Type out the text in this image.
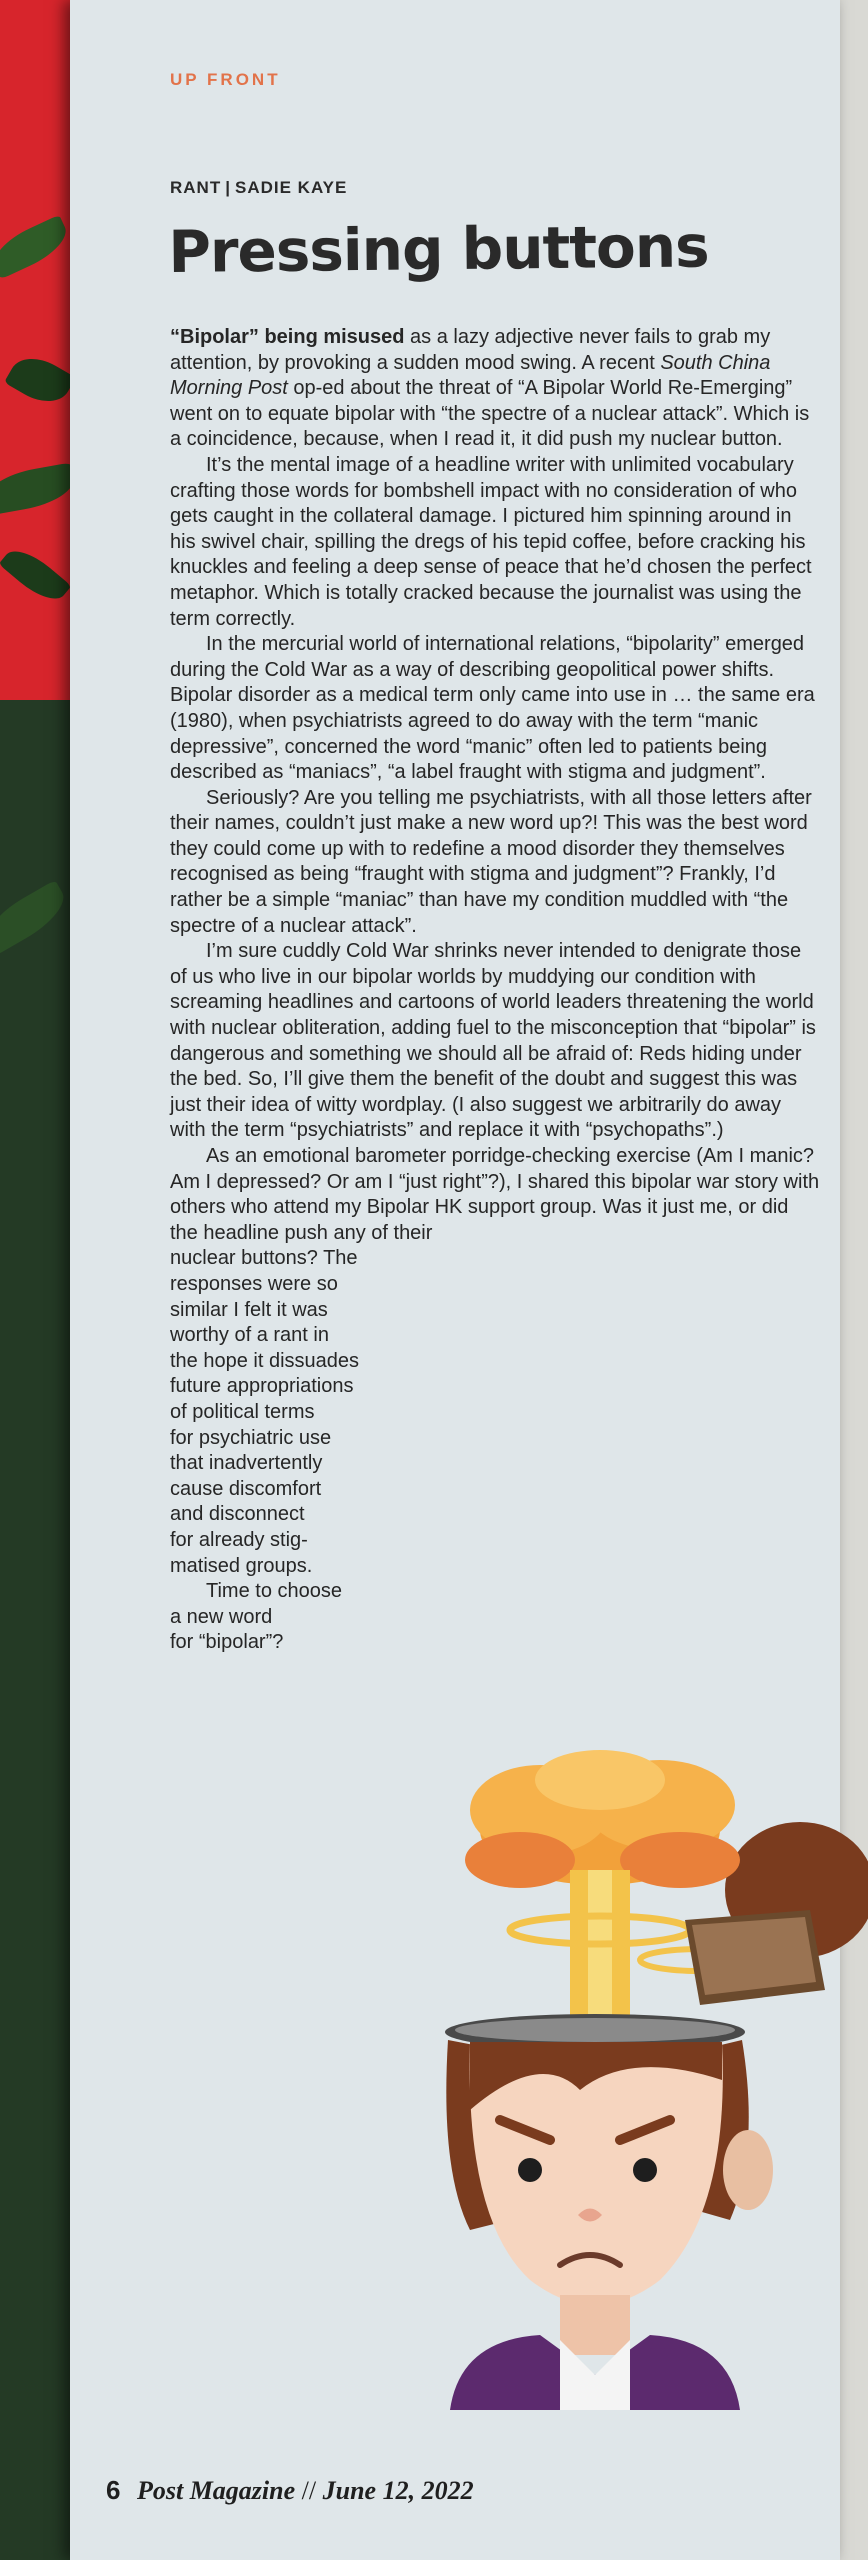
UP FRONT
RANT | SADIE KAYE
Pressing buttons

“Bipolar” being misused as a lazy adjective never fails to grab my attention, by provoking a sudden mood swing. A recent South China Morning Post op-ed about the threat of “A Bipolar World Re-Emerging” went on to equate bipolar with “the spectre of a nuclear attack”. Which is a coincidence, because, when I read it, it did push my nuclear button.

It’s the mental image of a headline writer with unlimited vocabulary crafting those words for bombshell impact with no consideration of who gets caught in the collateral damage. I pictured him spinning around in his swivel chair, spilling the dregs of his tepid coffee, before cracking his knuckles and feeling a deep sense of peace that he’d chosen the perfect metaphor. Which is totally cracked because the journalist was using the term correctly.

In the mercurial world of international relations, “bipolarity” emerged during the Cold War as a way of describing geopolitical power shifts. Bipolar disorder as a medical term only came into use in … the same era (1980), when psychiatrists agreed to do away with the term “manic depressive”, concerned the word “manic” often led to patients being described as “maniacs”, “a label fraught with stigma and judgment”.

Seriously? Are you telling me psychiatrists, with all those letters after their names, couldn’t just make a new word up?! This was the best word they could come up with to redefine a mood disorder they themselves recognised as being “fraught with stigma and judgment”? Frankly, I’d rather be a simple “maniac” than have my condition muddled with “the spectre of a nuclear attack”.

I’m sure cuddly Cold War shrinks never intended to denigrate those of us who live in our bipolar worlds by muddying our condition with screaming headlines and cartoons of world leaders threatening the world with nuclear obliteration, adding fuel to the misconception that “bipolar” is dangerous and something we should all be afraid of: Reds hiding under the bed. So, I’ll give them the benefit of the doubt and suggest this was just their idea of witty wordplay. (I also suggest we arbitrarily do away with the term “psychiatrists” and replace it with “psychopaths”.)

As an emotional barometer porridge-checking exercise (Am I manic? Am I depressed? Or am I “just right”?), I shared this bipolar war story with others who attend my Bipolar HK support group. Was it just me, or did the headline push any of their

nuclear buttons? The
responses were so
similar I felt it was
worthy of a rant in
the hope it dissuades
future appropriations
of political terms
for psychiatric use
that inadvertently
cause discomfort
and disconnect
for already stig-
matised groups.
Time to choose
a new word
for “bipolar”?
6 Post Magazine // June 12, 2022
